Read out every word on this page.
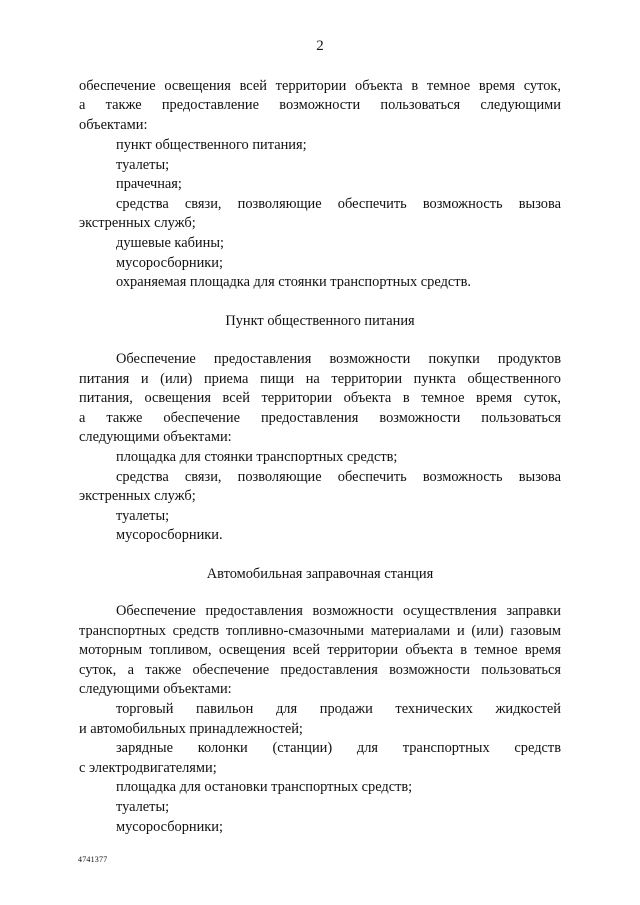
2
обеспечение освещения всей территории объекта в темное время суток,
а также предоставление возможности пользоваться следующими
объектами:
пункт общественного питания;
туалеты;
прачечная;
средства связи, позволяющие обеспечить возможность вызова
экстренных служб;
душевые кабины;
мусоросборники;
охраняемая площадка для стоянки транспортных средств.
Пункт общественного питания
Обеспечение предоставления возможности покупки продуктов
питания и (или) приема пищи на территории пункта общественного
питания, освещения всей территории объекта в темное время суток,
а также обеспечение предоставления возможности пользоваться
следующими объектами:
площадка для стоянки транспортных средств;
средства связи, позволяющие обеспечить возможность вызова
экстренных служб;
туалеты;
мусоросборники.
Автомобильная заправочная станция
Обеспечение предоставления возможности осуществления заправки
транспортных средств топливно-смазочными материалами и (или) газовым
моторным топливом, освещения всей территории объекта в темное время
суток, а также обеспечение предоставления возможности пользоваться
следующими объектами:
торговый павильон для продажи технических жидкостей
и автомобильных принадлежностей;
зарядные колонки (станции) для транспортных средств
с электродвигателями;
площадка для остановки транспортных средств;
туалеты;
мусоросборники;
4741377
